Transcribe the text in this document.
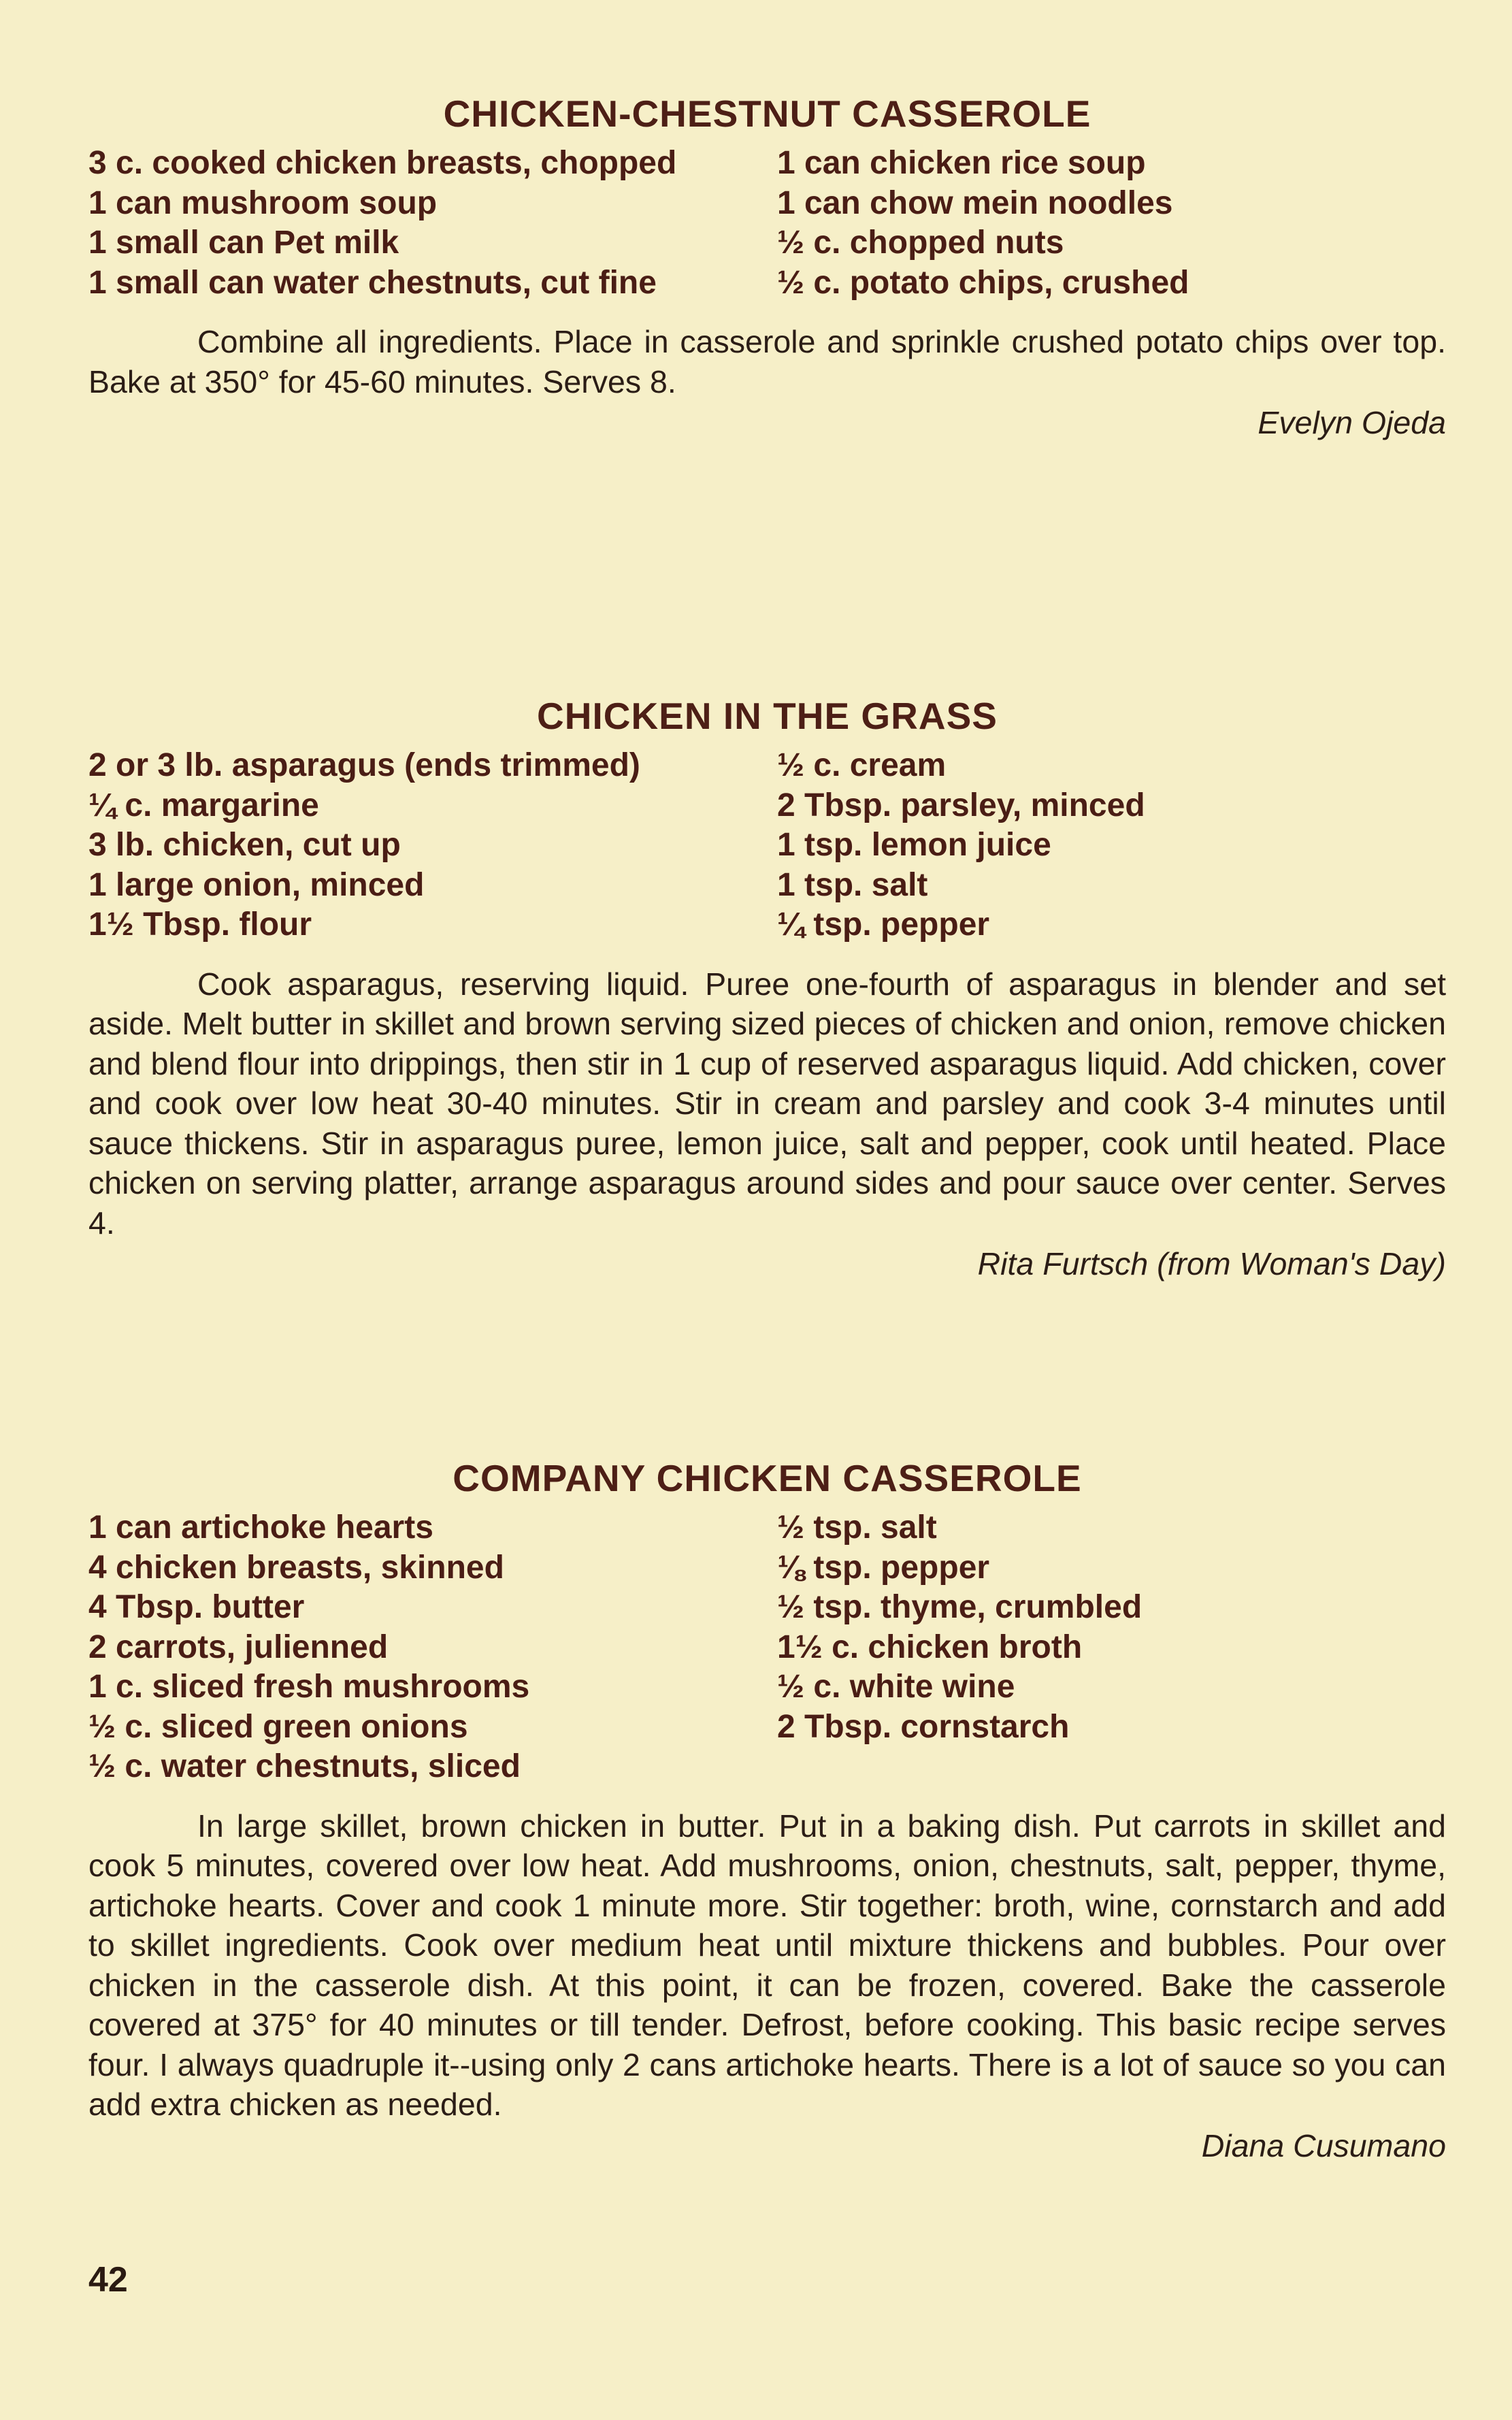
CHICKEN-CHESTNUT CASSEROLE
3 c. cooked chicken breasts, chopped
1 can mushroom soup
1 small can Pet milk
1 small can water chestnuts, cut fine
1 can chicken rice soup
1 can chow mein noodles
½ c. chopped nuts
½ c. potato chips, crushed

Combine all ingredients. Place in casserole and sprinkle crushed potato chips over top. Bake at 350° for 45-60 minutes. Serves 8.

Evelyn Ojeda
CHICKEN IN THE GRASS
2 or 3 lb. asparagus (ends trimmed)
¼ c. margarine
3 lb. chicken, cut up
1 large onion, minced
1½ Tbsp. flour
½ c. cream
2 Tbsp. parsley, minced
1 tsp. lemon juice
1 tsp. salt
¼ tsp. pepper

Cook asparagus, reserving liquid. Puree one-fourth of asparagus in blender and set aside. Melt butter in skillet and brown serving sized pieces of chicken and onion, remove chicken and blend flour into drippings, then stir in 1 cup of reserved asparagus liquid. Add chicken, cover and cook over low heat 30-40 minutes. Stir in cream and parsley and cook 3-4 minutes until sauce thickens. Stir in asparagus puree, lemon juice, salt and pepper, cook until heated. Place chicken on serving platter, arrange asparagus around sides and pour sauce over center. Serves 4.

Rita Furtsch (from Woman's Day)
COMPANY CHICKEN CASSEROLE
1 can artichoke hearts
4 chicken breasts, skinned
4 Tbsp. butter
2 carrots, julienned
1 c. sliced fresh mushrooms
½ c. sliced green onions
½ c. water chestnuts, sliced
½ tsp. salt
⅛ tsp. pepper
½ tsp. thyme, crumbled
1½ c. chicken broth
½ c. white wine
2 Tbsp. cornstarch

In large skillet, brown chicken in butter. Put in a baking dish. Put carrots in skillet and cook 5 minutes, covered over low heat. Add mushrooms, onion, chestnuts, salt, pepper, thyme, artichoke hearts. Cover and cook 1 minute more. Stir together: broth, wine, cornstarch and add to skillet ingredients. Cook over medium heat until mixture thickens and bubbles. Pour over chicken in the casserole dish. At this point, it can be frozen, covered. Bake the casserole covered at 375° for 40 minutes or till tender. Defrost, before cooking. This basic recipe serves four. I always quadruple it--using only 2 cans artichoke hearts. There is a lot of sauce so you can add extra chicken as needed.

Diana Cusumano
42
